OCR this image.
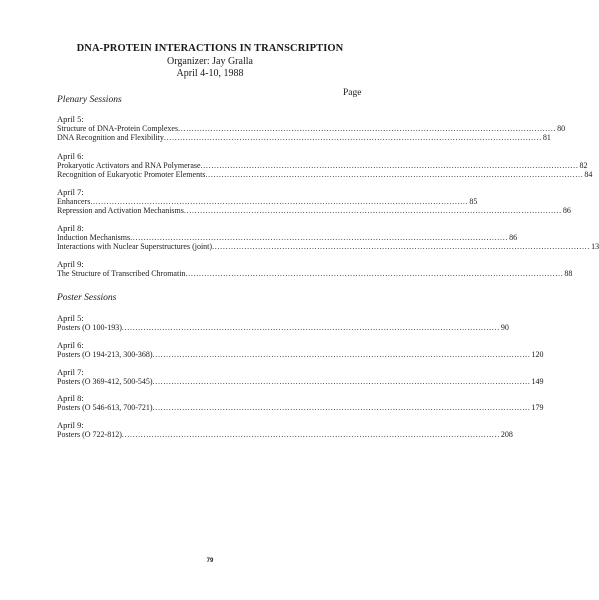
DNA-PROTEIN INTERACTIONS IN TRANSCRIPTION
Organizer: Jay Gralla
April 4-10, 1988
Page
Plenary Sessions
April 5:
Structure of DNA-Protein Complexes ............................................................................................................................................ 80
DNA Recognition and Flexibility ............................................................................................................................................ 81
April 6:
Prokaryotic Activators and RNA Polymerase ............................................................................................................................................ 82
Recognition of Eukaryotic Promoter Elements ............................................................................................................................................ 84
April 7:
Enhancers ............................................................................................................................................ 85
Repression and Activation Mechanisms ............................................................................................................................................ 86
April 8:
Induction Mechanisms ............................................................................................................................................ 86
Interactions with Nuclear Superstructures (joint) ............................................................................................................................................ 13
April 9:
The Structure of Transcribed Chromatin ............................................................................................................................................ 88
Poster Sessions
April 5:
Posters (O 100-193) ............................................................................................................................................ 90
April 6:
Posters (O 194-213, 300-368) ............................................................................................................................................ 120
April 7:
Posters (O 369-412, 500-545) ............................................................................................................................................ 149
April 8:
Posters (O 546-613, 700-721) ............................................................................................................................................ 179
April 9:
Posters (O 722-812) ............................................................................................................................................ 208
79
